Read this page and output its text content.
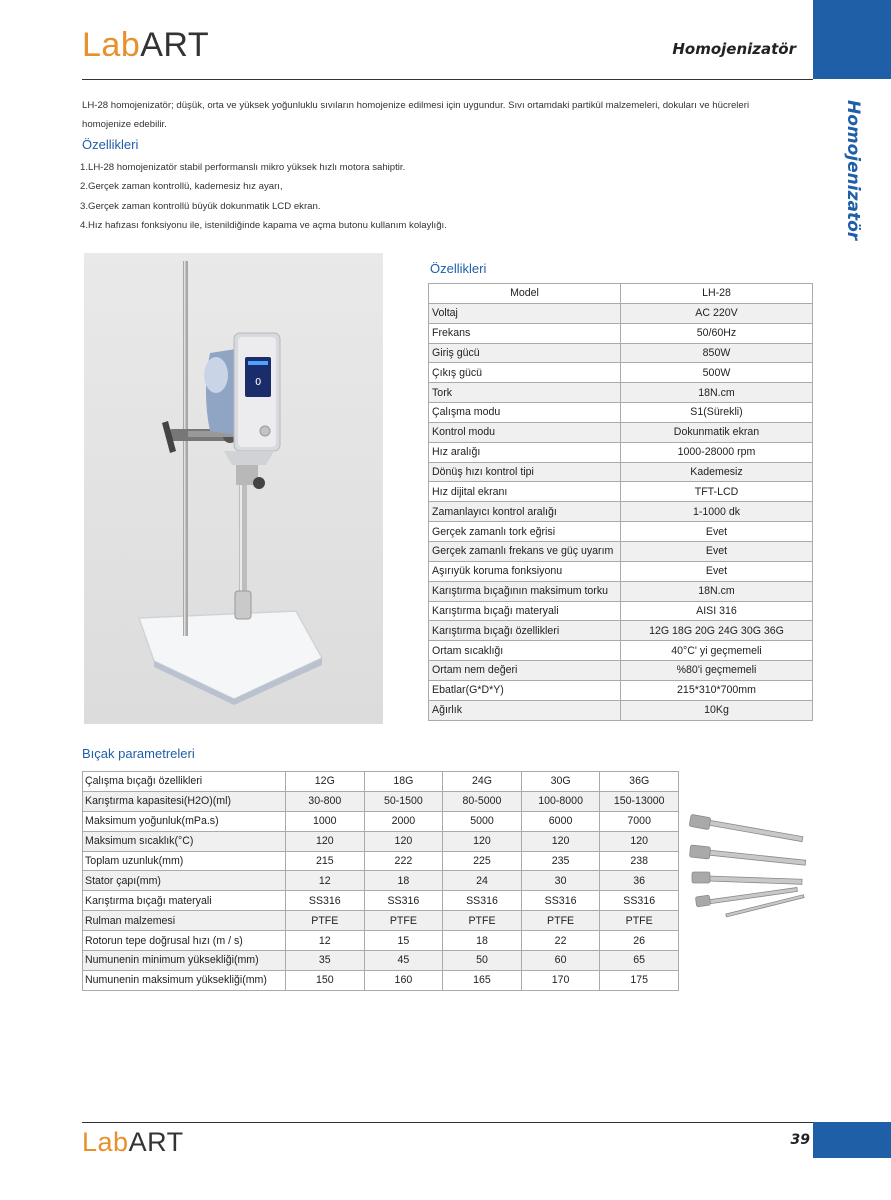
LabART	Homojenizatör
Homojenizatör

LH-28 homojenizatör; düşük, orta ve yüksek yoğunluklu sıvıların homojenize edilmesi için uygundur. Sıvı ortamdaki partikül malzemeleri, dokuları ve hücreleri homojenize edebilir.

Özellikleri
1.LH-28 homojenizatör stabil performanslı mikro yüksek hızlı motora sahiptir.
2.Gerçek zaman kontrollü, kademesiz hız ayarı,
3.Gerçek zaman kontrollü büyük dokunmatik LCD ekran.
4.Hız hafızası fonksiyonu ile, istenildiğinde kapama ve açma butonu kullanım kolaylığı.
0
Özellikleri
Model	LH-28
Voltaj	AC 220V
Frekans	50/60Hz
Giriş gücü	850W
Çıkış gücü	500W
Tork	18N.cm
Çalışma modu	S1(Sürekli)
Kontrol modu	Dokunmatik ekran
Hız aralığı	1000-28000 rpm
Dönüş hızı kontrol tipi	Kademesiz
Hız dijital ekranı	TFT-LCD
Zamanlayıcı kontrol aralığı	1-1000 dk
Gerçek zamanlı tork eğrisi	Evet
Gerçek zamanlı frekans ve güç uyarım	Evet
Aşırıyük koruma fonksiyonu	Evet
Karıştırma bıçağının maksimum torku	18N.cm
Karıştırma bıçağı materyali	AISI 316
Karıştırma bıçağı özellikleri	12G 18G 20G 24G 30G 36G
Ortam sıcaklığı	40°C' yi geçmemeli
Ortam nem değeri	%80'i geçmemeli
Ebatlar(G*D*Y)	215*310*700mm
Ağırlık	10Kg
Bıçak parametreleri
Çalışma bıçağı özellikleri	12G	18G	24G	30G	36G
Karıştırma kapasitesi(H2O)(ml)	30-800	50-1500	80-5000	100-8000	150-13000
Maksimum yoğunluk(mPa.s)	1000	2000	5000	6000	7000
Maksimum sıcaklık(°C)	120	120	120	120	120
Toplam uzunluk(mm)	215	222	225	235	238
Stator çapı(mm)	12	18	24	30	36
Karıştırma bıçağı materyali	SS316	SS316	SS316	SS316	SS316
Rulman malzemesi	PTFE	PTFE	PTFE	PTFE	PTFE
Rotorun tepe doğrusal hızı (m / s)	12	15	18	22	26
Numunenin minimum yüksekliği(mm)	35	45	50	60	65
Numunenin maksimum yüksekliği(mm)	150	160	165	170	175
LabART	39
